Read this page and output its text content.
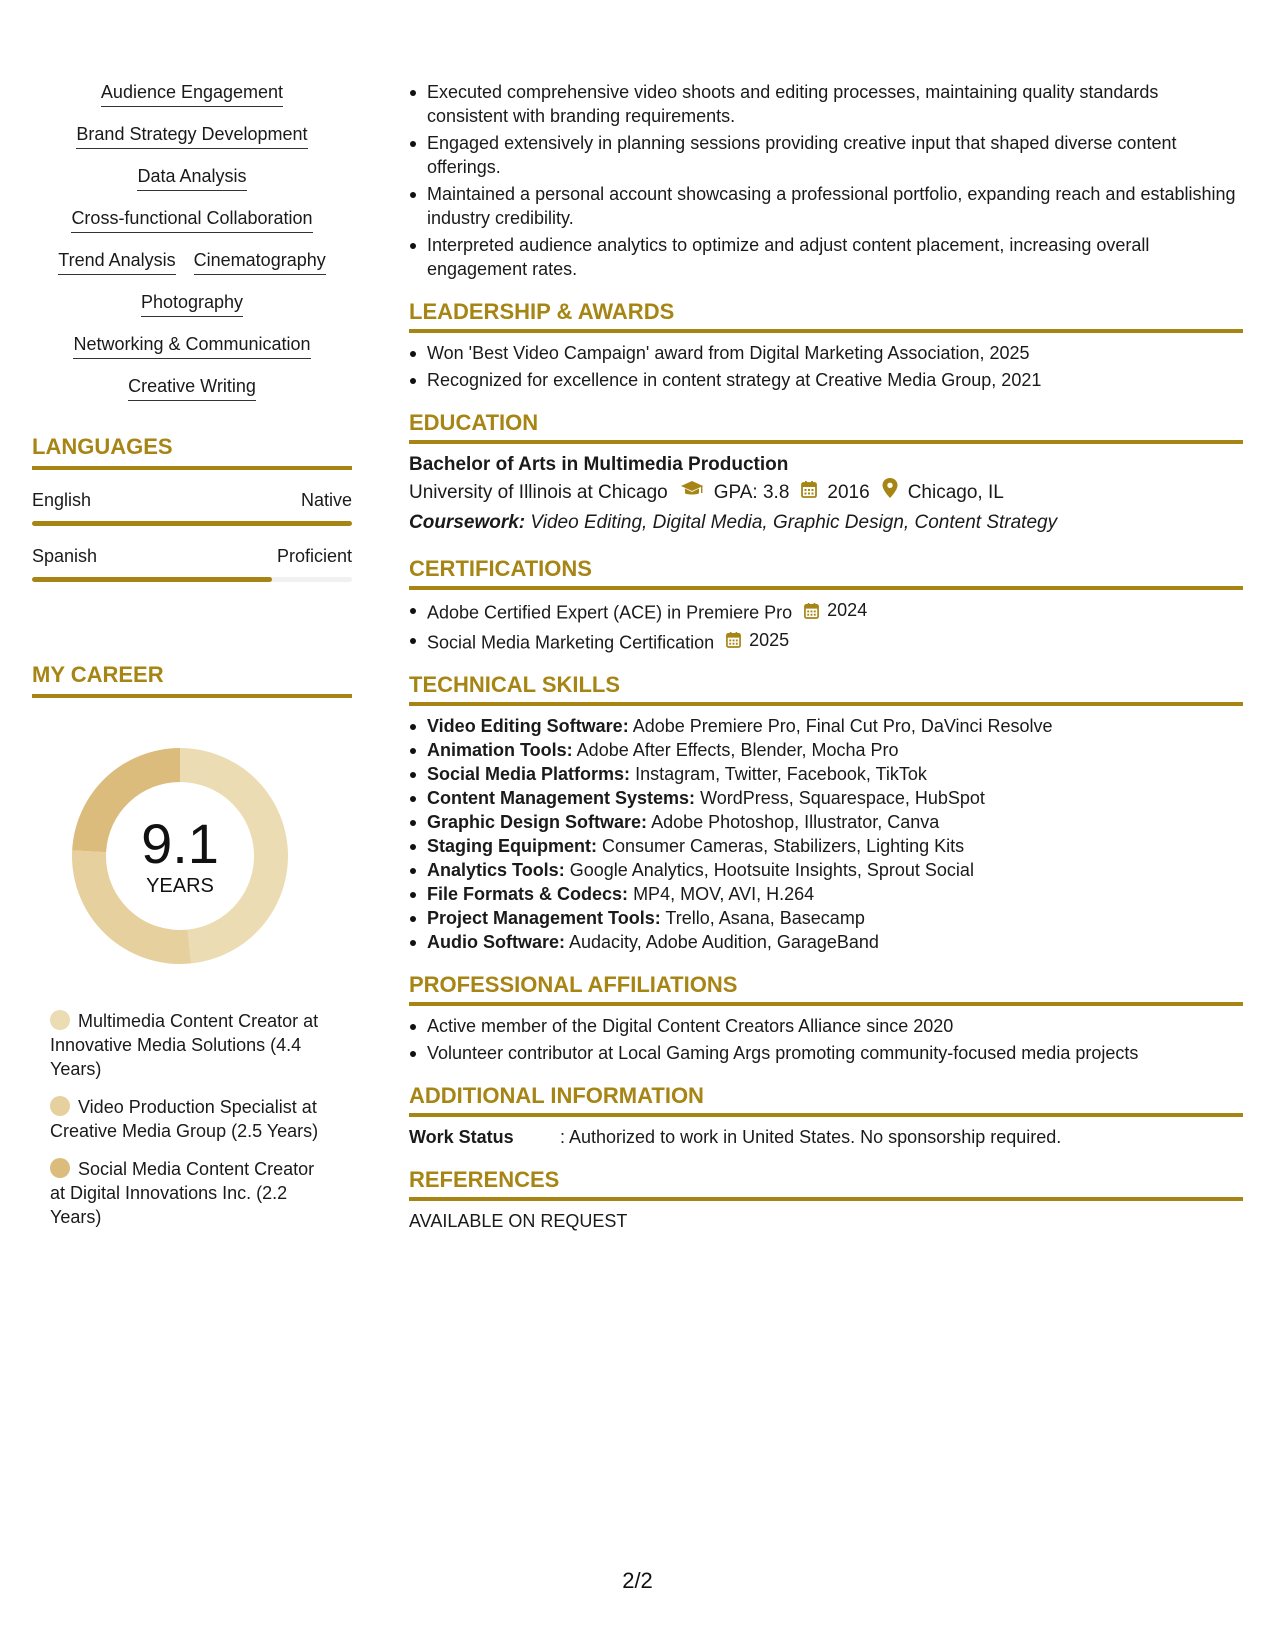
Audience Engagement
Brand Strategy Development
Data Analysis
Cross-functional Collaboration
Trend Analysis Cinematography
Photography
Networking & Communication
Creative Writing
LANGUAGES
English	Native
Spanish	Proficient
MY CAREER
9.1
YEARS
Multimedia Content Creator at Innovative Media Solutions (4.4 Years)
Video Production Specialist at Creative Media Group (2.5 Years)
Social Media Content Creator at Digital Innovations Inc. (2.2 Years)
Executed comprehensive video shoots and editing processes, maintaining quality standards consistent with branding requirements.
Engaged extensively in planning sessions providing creative input that shaped diverse content offerings.
Maintained a personal account showcasing a professional portfolio, expanding reach and establishing industry credibility.
Interpreted audience analytics to optimize and adjust content placement, increasing overall engagement rates.
LEADERSHIP & AWARDS
Won 'Best Video Campaign' award from Digital Marketing Association, 2025
Recognized for excellence in content strategy at Creative Media Group, 2021
EDUCATION
Bachelor of Arts in Multimedia Production
University of Illinois at Chicago GPA: 3.8 2016 Chicago, IL
Coursework: Video Editing, Digital Media, Graphic Design, Content Strategy
CERTIFICATIONS
Adobe Certified Expert (ACE) in Premiere Pro 2024
Social Media Marketing Certification 2025
TECHNICAL SKILLS
Video Editing Software: Adobe Premiere Pro, Final Cut Pro, DaVinci Resolve
Animation Tools: Adobe After Effects, Blender, Mocha Pro
Social Media Platforms: Instagram, Twitter, Facebook, TikTok
Content Management Systems: WordPress, Squarespace, HubSpot
Graphic Design Software: Adobe Photoshop, Illustrator, Canva
Staging Equipment: Consumer Cameras, Stabilizers, Lighting Kits
Analytics Tools: Google Analytics, Hootsuite Insights, Sprout Social
File Formats & Codecs: MP4, MOV, AVI, H.264
Project Management Tools: Trello, Asana, Basecamp
Audio Software: Audacity, Adobe Audition, GarageBand
PROFESSIONAL AFFILIATIONS
Active member of the Digital Content Creators Alliance since 2020
Volunteer contributor at Local Gaming Args promoting community-focused media projects
ADDITIONAL INFORMATION
Work Status	: Authorized to work in United States. No sponsorship required.
REFERENCES
AVAILABLE ON REQUEST
2/2
